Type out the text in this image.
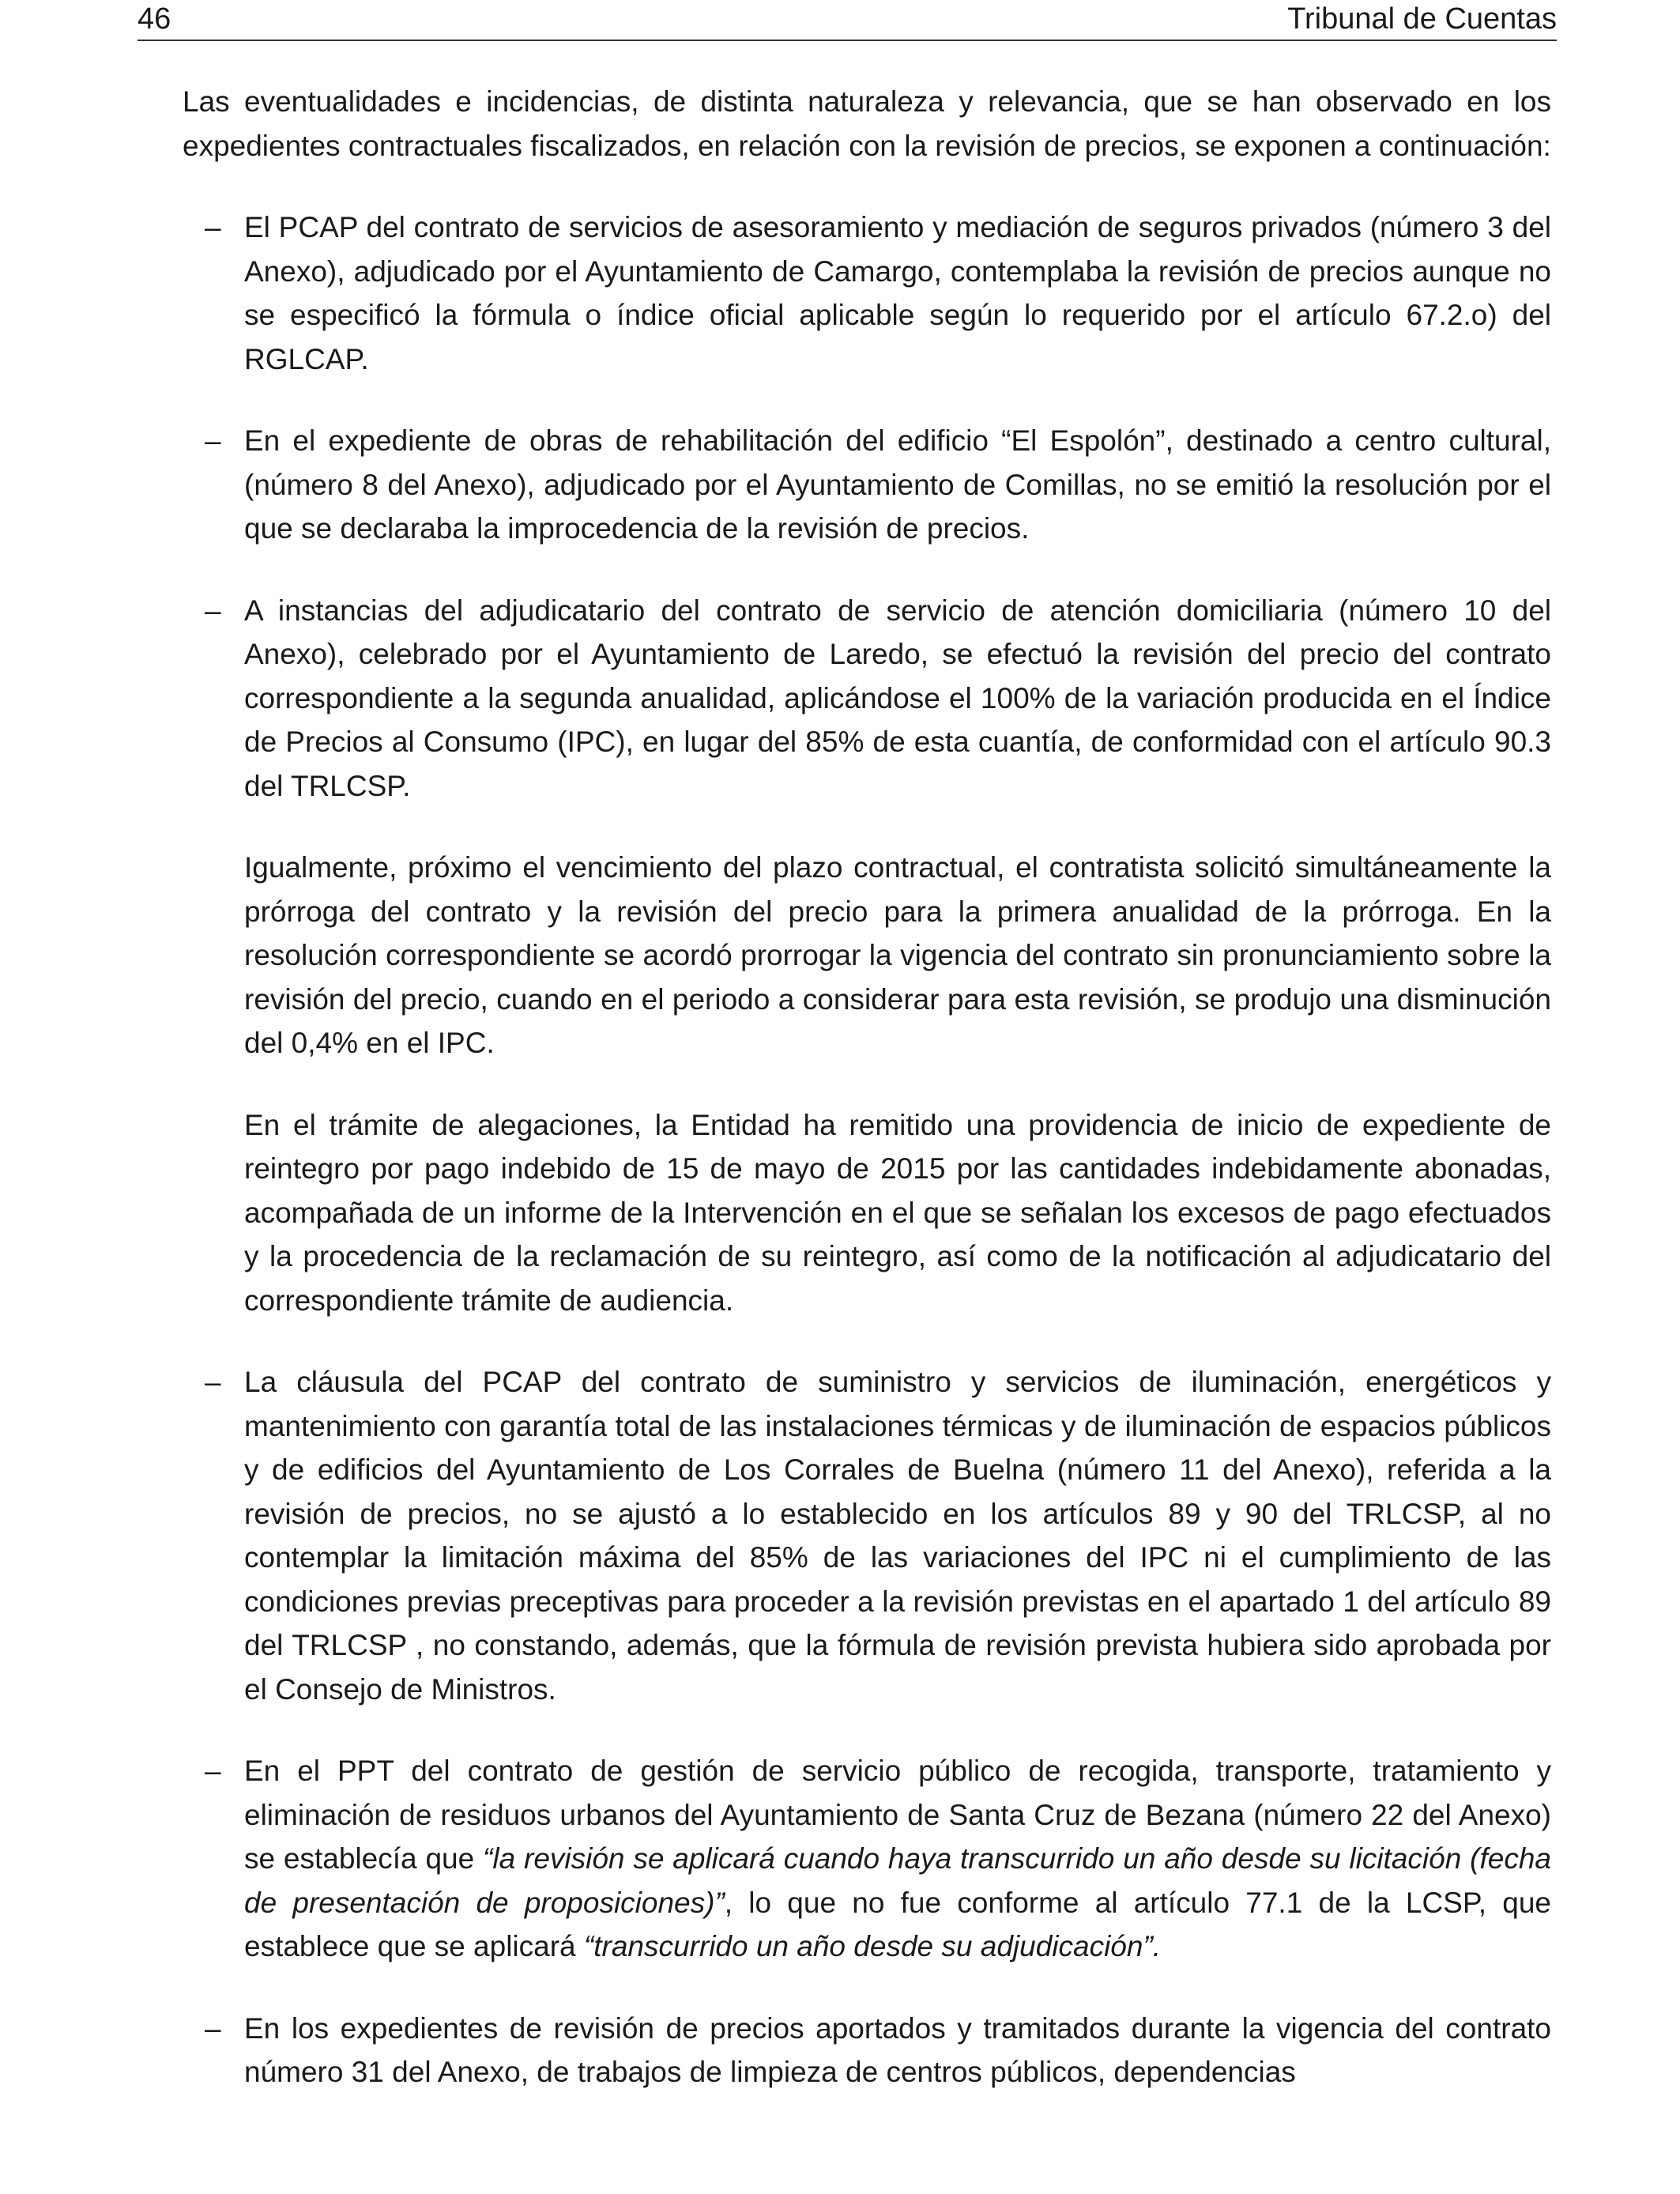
46	Tribunal de Cuentas

Las eventualidades e incidencias, de distinta naturaleza y relevancia, que se han observado en los expedientes contractuales fiscalizados, en relación con la revisión de precios, se exponen a continuación:

– El PCAP del contrato de servicios de asesoramiento y mediación de seguros privados (número 3 del Anexo), adjudicado por el Ayuntamiento de Camargo, contemplaba la revisión de precios aunque no se especificó la fórmula o índice oficial aplicable según lo requerido por el artículo 67.2.o) del RGLCAP.

– En el expediente de obras de rehabilitación del edificio “El Espolón”, destinado a centro cultural, (número 8 del Anexo), adjudicado por el Ayuntamiento de Comillas, no se emitió la resolución por el que se declaraba la improcedencia de la revisión de precios.

– A instancias del adjudicatario del contrato de servicio de atención domiciliaria (número 10 del Anexo), celebrado por el Ayuntamiento de Laredo, se efectuó la revisión del precio del contrato correspondiente a la segunda anualidad, aplicándose el 100% de la variación producida en el Índice de Precios al Consumo (IPC), en lugar del 85% de esta cuantía, de conformidad con el artículo 90.3 del TRLCSP.

Igualmente, próximo el vencimiento del plazo contractual, el contratista solicitó simultáneamente la prórroga del contrato y la revisión del precio para la primera anualidad de la prórroga. En la resolución correspondiente se acordó prorrogar la vigencia del contrato sin pronunciamiento sobre la revisión del precio, cuando en el periodo a considerar para esta revisión, se produjo una disminución del 0,4% en el IPC.

En el trámite de alegaciones, la Entidad ha remitido una providencia de inicio de expediente de reintegro por pago indebido de 15 de mayo de 2015 por las cantidades indebidamente abonadas, acompañada de un informe de la Intervención en el que se señalan los excesos de pago efectuados y la procedencia de la reclamación de su reintegro, así como de la notificación al adjudicatario del correspondiente trámite de audiencia.

– La cláusula del PCAP del contrato de suministro y servicios de iluminación, energéticos y mantenimiento con garantía total de las instalaciones térmicas y de iluminación de espacios públicos y de edificios del Ayuntamiento de Los Corrales de Buelna (número 11 del Anexo), referida a la revisión de precios, no se ajustó a lo establecido en los artículos 89 y 90 del TRLCSP, al no contemplar la limitación máxima del 85% de las variaciones del IPC ni el cumplimiento de las condiciones previas preceptivas para proceder a la revisión previstas en el apartado 1 del artículo 89 del TRLCSP , no constando, además, que la fórmula de revisión prevista hubiera sido aprobada por el Consejo de Ministros.

– En el PPT del contrato de gestión de servicio público de recogida, transporte, tratamiento y eliminación de residuos urbanos del Ayuntamiento de Santa Cruz de Bezana (número 22 del Anexo) se establecía que “la revisión se aplicará cuando haya transcurrido un año desde su licitación (fecha de presentación de proposiciones)”, lo que no fue conforme al artículo 77.1 de la LCSP, que establece que se aplicará “transcurrido un año desde su adjudicación”.

– En los expedientes de revisión de precios aportados y tramitados durante la vigencia del contrato número 31 del Anexo, de trabajos de limpieza de centros públicos, dependencias
